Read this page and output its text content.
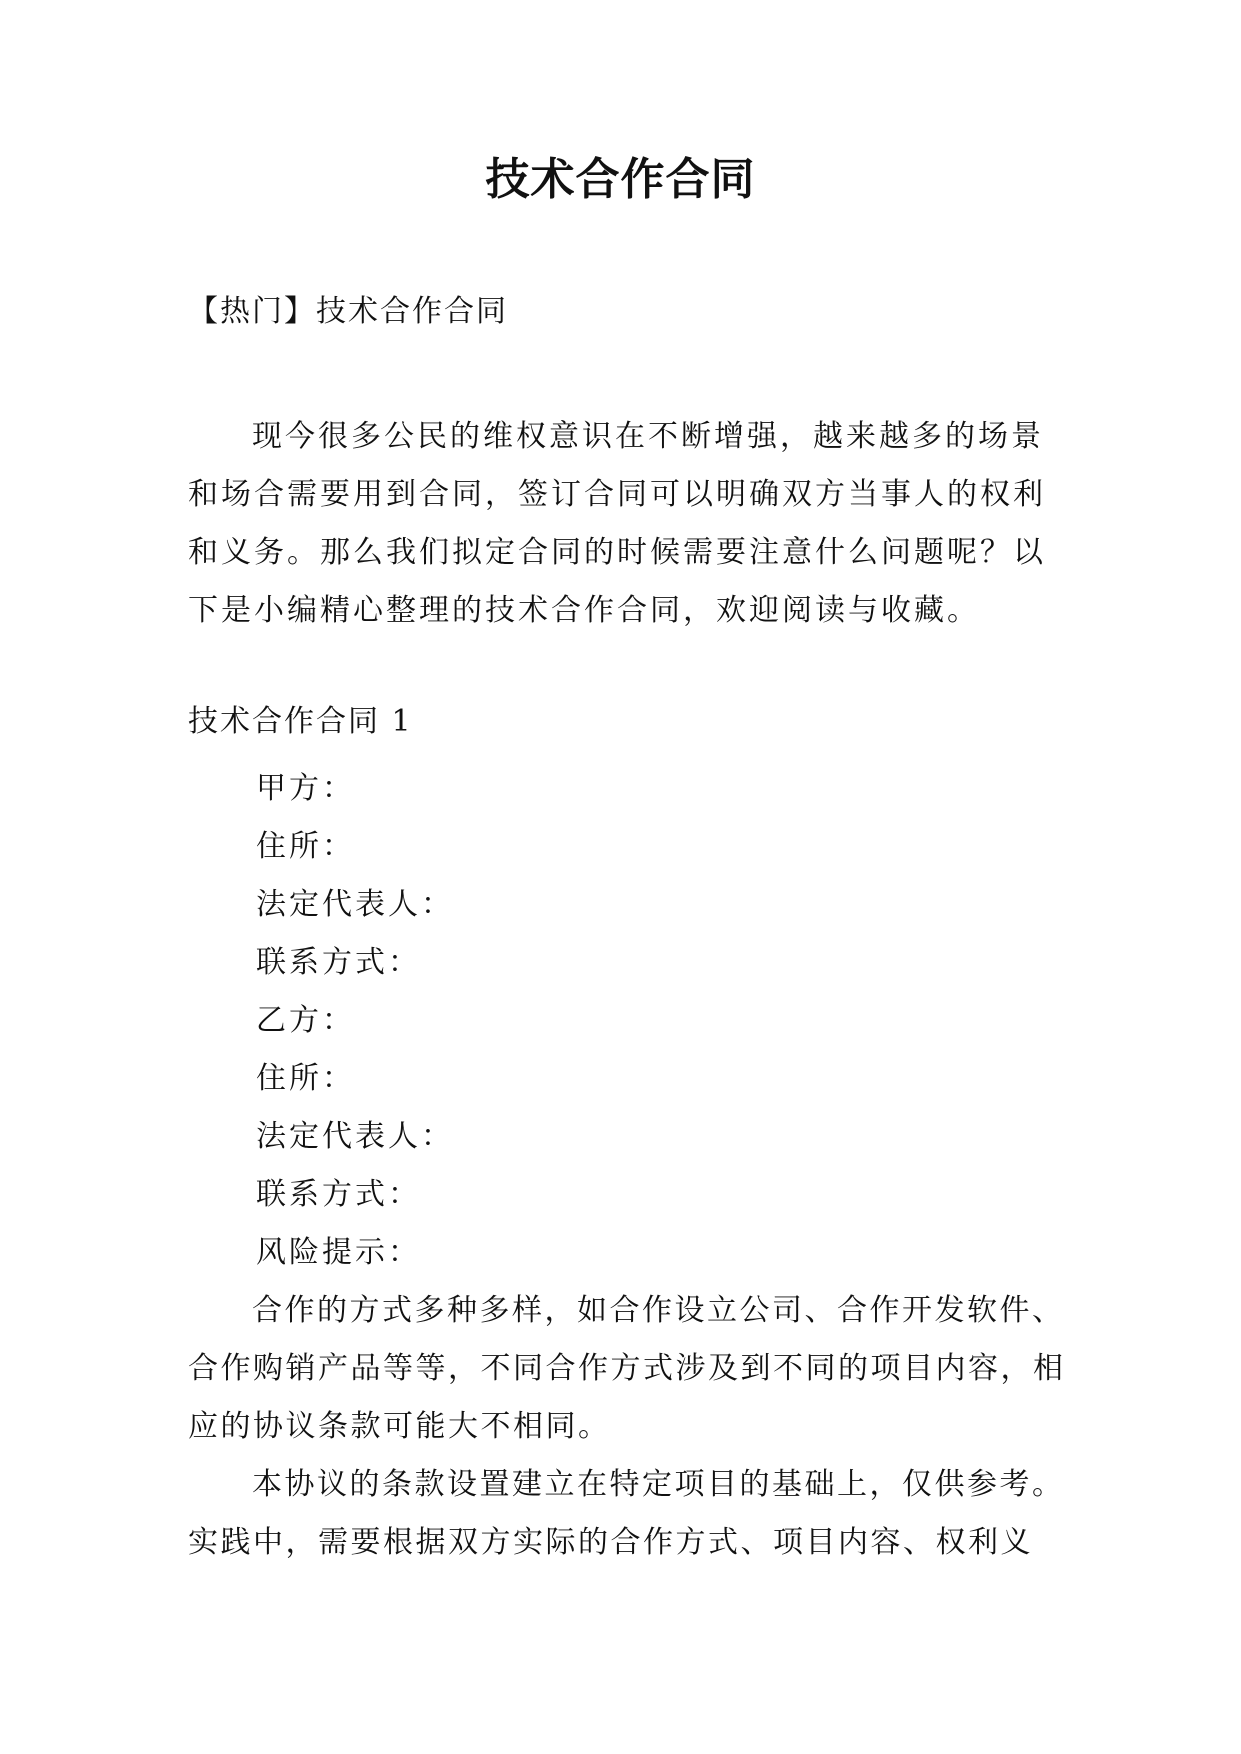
技术合作合同

【热门】技术合作合同

现今很多公民的维权意识在不断增强，越来越多的场景和场合需要用到合同，签订合同可以明确双方当事人的权利和义务。那么我们拟定合同的时候需要注意什么问题呢？以下是小编精心整理的技术合作合同，欢迎阅读与收藏。

技术合作合同 1

甲方：
住所：
法定代表人：
联系方式：
乙方：
住所：
法定代表人：
联系方式：
风险提示：

合作的方式多种多样，如合作设立公司、合作开发软件、合作购销产品等等，不同合作方式涉及到不同的项目内容，相应的协议条款可能大不相同。

本协议的条款设置建立在特定项目的基础上，仅供参考。实践中，需要根据双方实际的合作方式、项目内容、权利义
